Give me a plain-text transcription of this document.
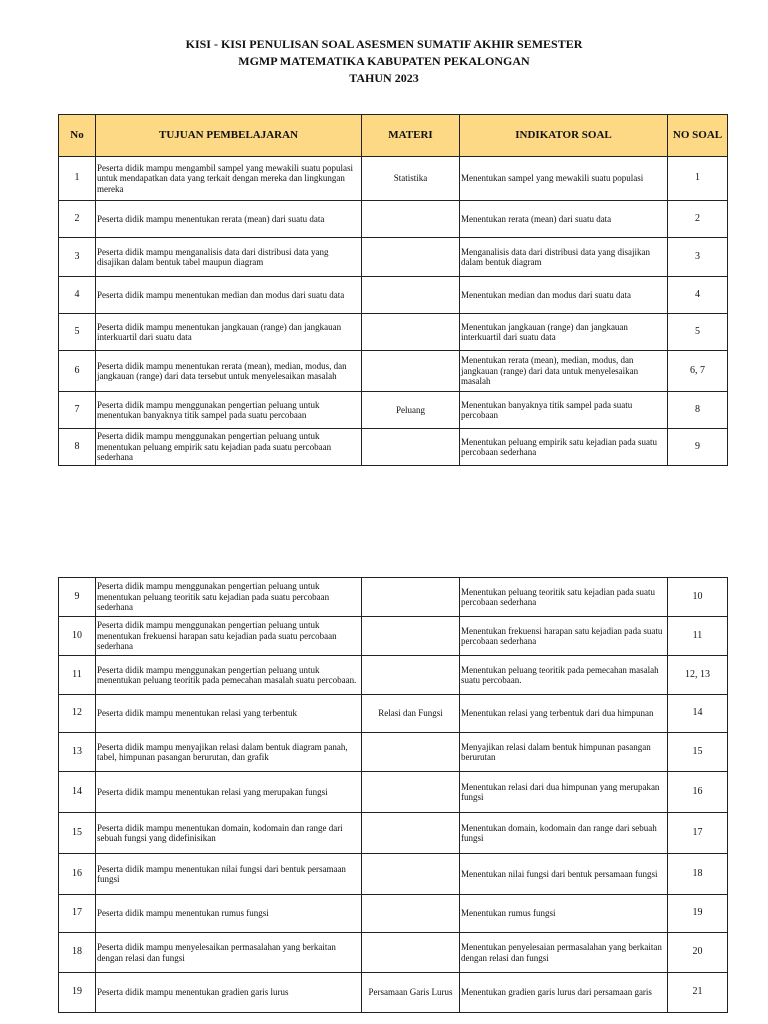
KISI - KISI PENULISAN SOAL ASESMEN SUMATIF AKHIR SEMESTER
MGMP MATEMATIKA KABUPATEN PEKALONGAN
TAHUN 2023
No	TUJUAN PEMBELAJARAN	MATERI	INDIKATOR SOAL	NO SOAL
1	Peserta didik mampu mengambil sampel yang mewakili suatu populasi untuk mendapatkan data yang terkait dengan mereka dan lingkungan mereka	Statistika	Menentukan sampel yang mewakili suatu populasi	1
2	Peserta didik mampu menentukan rerata (mean) dari suatu data		Menentukan rerata (mean) dari suatu data	2
3	Peserta didik mampu menganalisis data dari distribusi data yang disajikan dalam bentuk tabel maupun diagram		Menganalisis data dari distribusi data yang disajikan dalam bentuk diagram	3
4	Peserta didik mampu menentukan median dan modus dari suatu data		Menentukan median dan modus dari suatu data	4
5	Peserta didik mampu menentukan jangkauan (range) dan jangkauan interkuartil dari suatu data		Menentukan jangkauan (range) dan jangkauan interkuartil dari suatu data	5
6	Peserta didik mampu menentukan rerata (mean), median, modus, dan jangkauan (range) dari data tersebut untuk menyelesaikan masalah		Menentukan rerata (mean), median, modus, dan jangkauan (range) dari data untuk menyelesaikan masalah	6, 7
7	Peserta didik mampu menggunakan pengertian peluang untuk menentukan banyaknya titik sampel pada suatu percobaan	Peluang	Menentukan banyaknya titik sampel pada suatu percobaan	8
8	Peserta didik mampu menggunakan pengertian peluang untuk menentukan peluang empirik satu kejadian pada suatu percobaan sederhana		Menentukan peluang empirik satu kejadian pada suatu percobaan sederhana	9
9	Peserta didik mampu menggunakan pengertian peluang untuk menentukan peluang teoritik satu kejadian pada suatu percobaan sederhana		Menentukan peluang teoritik satu kejadian pada suatu percobaan sederhana	10
10	Peserta didik mampu menggunakan pengertian peluang untuk menentukan frekuensi harapan satu kejadian pada suatu percobaan sederhana		Menentukan frekuensi harapan satu kejadian pada suatu percobaan sederhana	11
11	Peserta didik mampu menggunakan pengertian peluang untuk menentukan peluang teoritik pada pemecahan masalah suatu percobaan.		Menentukan peluang teoritik pada pemecahan masalah suatu percobaan.	12, 13
12	Peserta didik mampu menentukan relasi yang terbentuk	Relasi dan Fungsi	Menentukan relasi yang terbentuk dari dua himpunan	14
13	Peserta didik mampu menyajikan relasi dalam bentuk diagram panah, tabel, himpunan pasangan berurutan, dan grafik		Menyajikan relasi dalam bentuk himpunan pasangan berurutan	15
14	Peserta didik mampu menentukan relasi yang merupakan fungsi		Menentukan relasi dari dua himpunan yang merupakan fungsi	16
15	Peserta didik mampu menentukan domain, kodomain dan range dari sebuah fungsi yang didefinisikan		Menentukan domain, kodomain dan range dari sebuah fungsi	17
16	Peserta didik mampu menentukan nilai fungsi dari bentuk persamaan fungsi		Menentukan nilai fungsi dari bentuk persamaan fungsi	18
17	Peserta didik mampu menentukan rumus fungsi		Menentukan rumus fungsi	19
18	Peserta didik mampu menyelesaikan permasalahan yang berkaitan dengan relasi dan fungsi		Menentukan penyelesaian permasalahan yang berkaitan dengan relasi dan fungsi	20
19	Peserta didik mampu menentukan gradien garis lurus	Persamaan Garis Lurus	Menentukan gradien garis lurus dari persamaan garis	21
